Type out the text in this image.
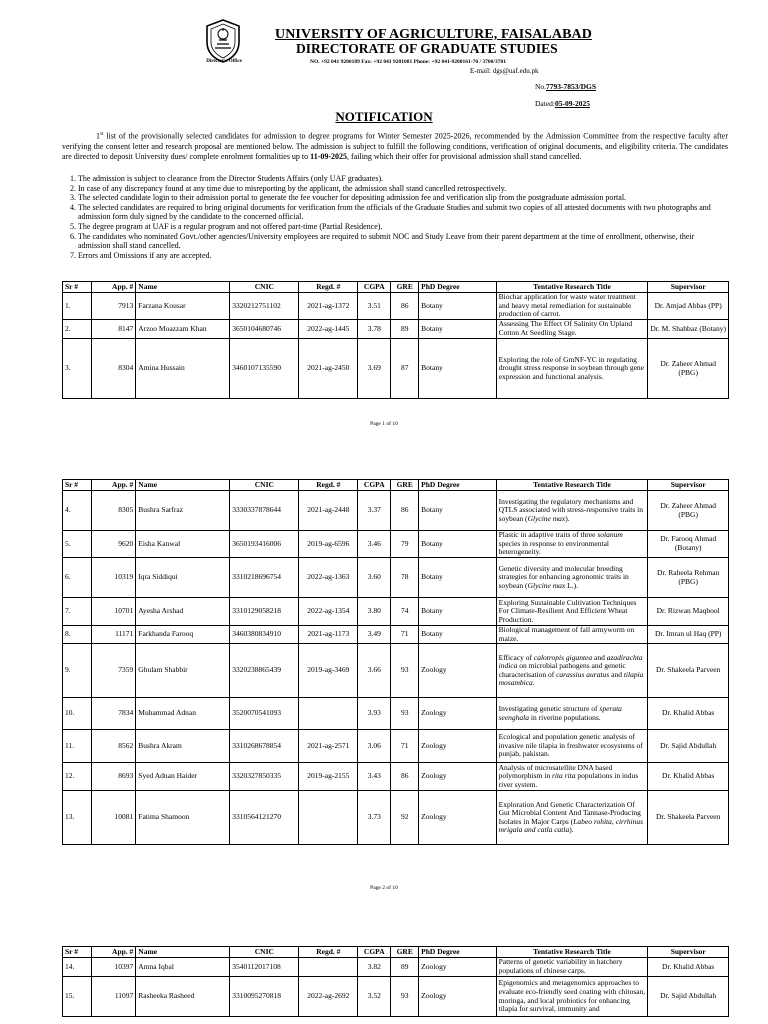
Director's Office
UNIVERSITY OF AGRICULTURE, FAISALABAD
DIRECTORATE OF GRADUATE STUDIES
NO. +92 041 9200189 Fax: +92 041 9201081 Phone: +92 041-9200161-70 / 3700/3701
E-mail: dgs@uaf.edu.pk
No.7793-7853/DGS
Dated:05-09-2025
NOTIFICATION
1st list of the provisionally selected candidates for admission to degree programs for Winter Semester 2025-2026, recommended by the Admission Committee from the respective faculty after verifying the consent letter and research proposal are mentioned below. The admission is subject to fulfill the following conditions, verification of original documents, and eligibility criteria. The candidates are directed to deposit University dues/ complete enrolment formalities up to 11-09-2025, failing which their offer for provisional admission shall stand cancelled.
1. The admission is subject to clearance from the Director Students Affairs (only UAF graduates).
2. In case of any discrepancy found at any time due to misreporting by the applicant, the admission shall stand cancelled retrospectively.
3. The selected candidate login to their admission portal to generate the fee voucher for depositing admission fee and verification slip from the postgraduate admission portal.
4. The selected candidates are required to bring original documents for verification from the officials of the Graduate Studies and submit two copies of all attested documents with two photographs and admission form duly signed by the candidate to the concerned official.
5. The degree program at UAF is a regular program and not offered part-time (Partial Residence).
6. The candidates who nominated Govt./other agencies/University employees are required to submit NOC and Study Leave from their parent department at the time of enrollment, otherwise, their admission shall stand cancelled.
7. Errors and Omissions if any are accepted.
Sr #	App. #	Name	CNIC	Regd. #	CGPA	GRE	PhD Degree	Tentative Research Title	Supervisor
1.	7913	Farzana Kousar	3320212751102	2021-ag-1372	3.51	86	Botany	Biochar application for waste water treatment and heavy metal remediation for sustainable production of carrot.	Dr. Amjad Abbas (PP)
2.	8147	Arzoo Moazzam Khan	3650104680746	2022-ag-1445	3.78	89	Botany	Assessing The Effect Of Salinity On Upland Cotton At Seedling Stage.	Dr. M. Shahbaz (Botany)
3.	8304	Amina Hussain	3460107135590	2021-ag-2450	3.69	87	Botany	Exploring the role of GmNF-YC in regulating drought stress response in soybean through gene expression and functional analysis.	Dr. Zaheer Ahmad (PBG)
Page 1 of 10
Sr #	App. #	Name	CNIC	Regd. #	CGPA	GRE	PhD Degree	Tentative Research Title	Supervisor
4.	8305	Bushra Sarfraz	3330337878644	2021-ag-2448	3.37	86	Botany	Investigating the regulatory mechanisms and QTLS associated with stress-responsive traits in soybean (Glycine max).	Dr. Zaheer Ahmad (PBG)
5.	9620	Eisha Kanwal	3650193416006	2019-ag-6596	3.46	79	Botany	Plastic in adaptive traits of three solanum species in response to environmental heterogeneity.	Dr. Farooq Ahmad (Botany)
6.	10319	Iqra Siddiqui	3310218696754	2022-ag-1363	3.60	78	Botany	Genetic diversity and molecular breeding strategies for enhancing agronomic traits in soybean (Glycine max L.).	Dr. Raheela Rehman (PBG)
7.	10701	Ayesha Arshad	3310129058218	2022-ag-1354	3.80	74	Botany	Exploring Sustainable Cultivation Techniques For Climate-Resilient And Efficient Wheat Production.	Dr. Rizwan Maqbool
8.	11171	Farkhanda Farooq	3460380834910	2021-ag-1173	3.49	71	Botany	Biological management of fall armyworm on maize.	Dr. Imran ul Haq (PP)
9.	7359	Ghulam Shabbir	3320238865439	2019-ag-3469	3.66	93	Zoology	Efficacy of calotropis gigantea and azadirachta indica on microbial pathogens and genetic characterisation of carassius auratus and tilapia mosambica.	Dr. Shakeela Parveen
10.	7834	Muhammad Adnan	3520070541093		3.93	93	Zoology	Investigating genetic structure of sperata seenghala in riverine populations.	Dr. Khalid Abbas
11.	8562	Bushra Akram	3310268678854	2021-ag-2571	3.06	71	Zoology	Ecological and population genetic analysis of invasive nile tilapia in freshwater ecosystems of punjab, pakistan.	Dr. Sajid Abdullah
12.	8693	Syed Adnan Haider	3320327850335	2019-ag-2155	3.43	86	Zoology	Analysis of microsatellite DNA based polymorphism in rita rita populations in indus river system.	Dr. Khalid Abbas
13.	10081	Fatima Shamoon	3310564121270		3.73	92	Zoology	Exploration And Genetic Characterization Of Gut Microbial Content And Tannase-Producing Isolates in Major Carps (Labeo rohita, cirrhinus mrigala and catla catla).	Dr. Shakeela Parveen
Page 2 of 10
Sr #	App. #	Name	CNIC	Regd. #	CGPA	GRE	PhD Degree	Tentative Research Title	Supervisor
14.	10397	Amna Iqbal	3540112017108		3.82	89	Zoology	Patterns of genetic variability in hatchery populations of chinese carps.	Dr. Khalid Abbas
15.	11097	Rasheeka Rasheed	3310095270818	2022-ag-2692	3.52	93	Zoology	Epigenomics and metagenomics approaches to evaluate eco-friendly seed coating with chitosan, moringa, and local probiotics for enhancing tilapia for survival, immunity and	Dr. Sajid Abdullah
